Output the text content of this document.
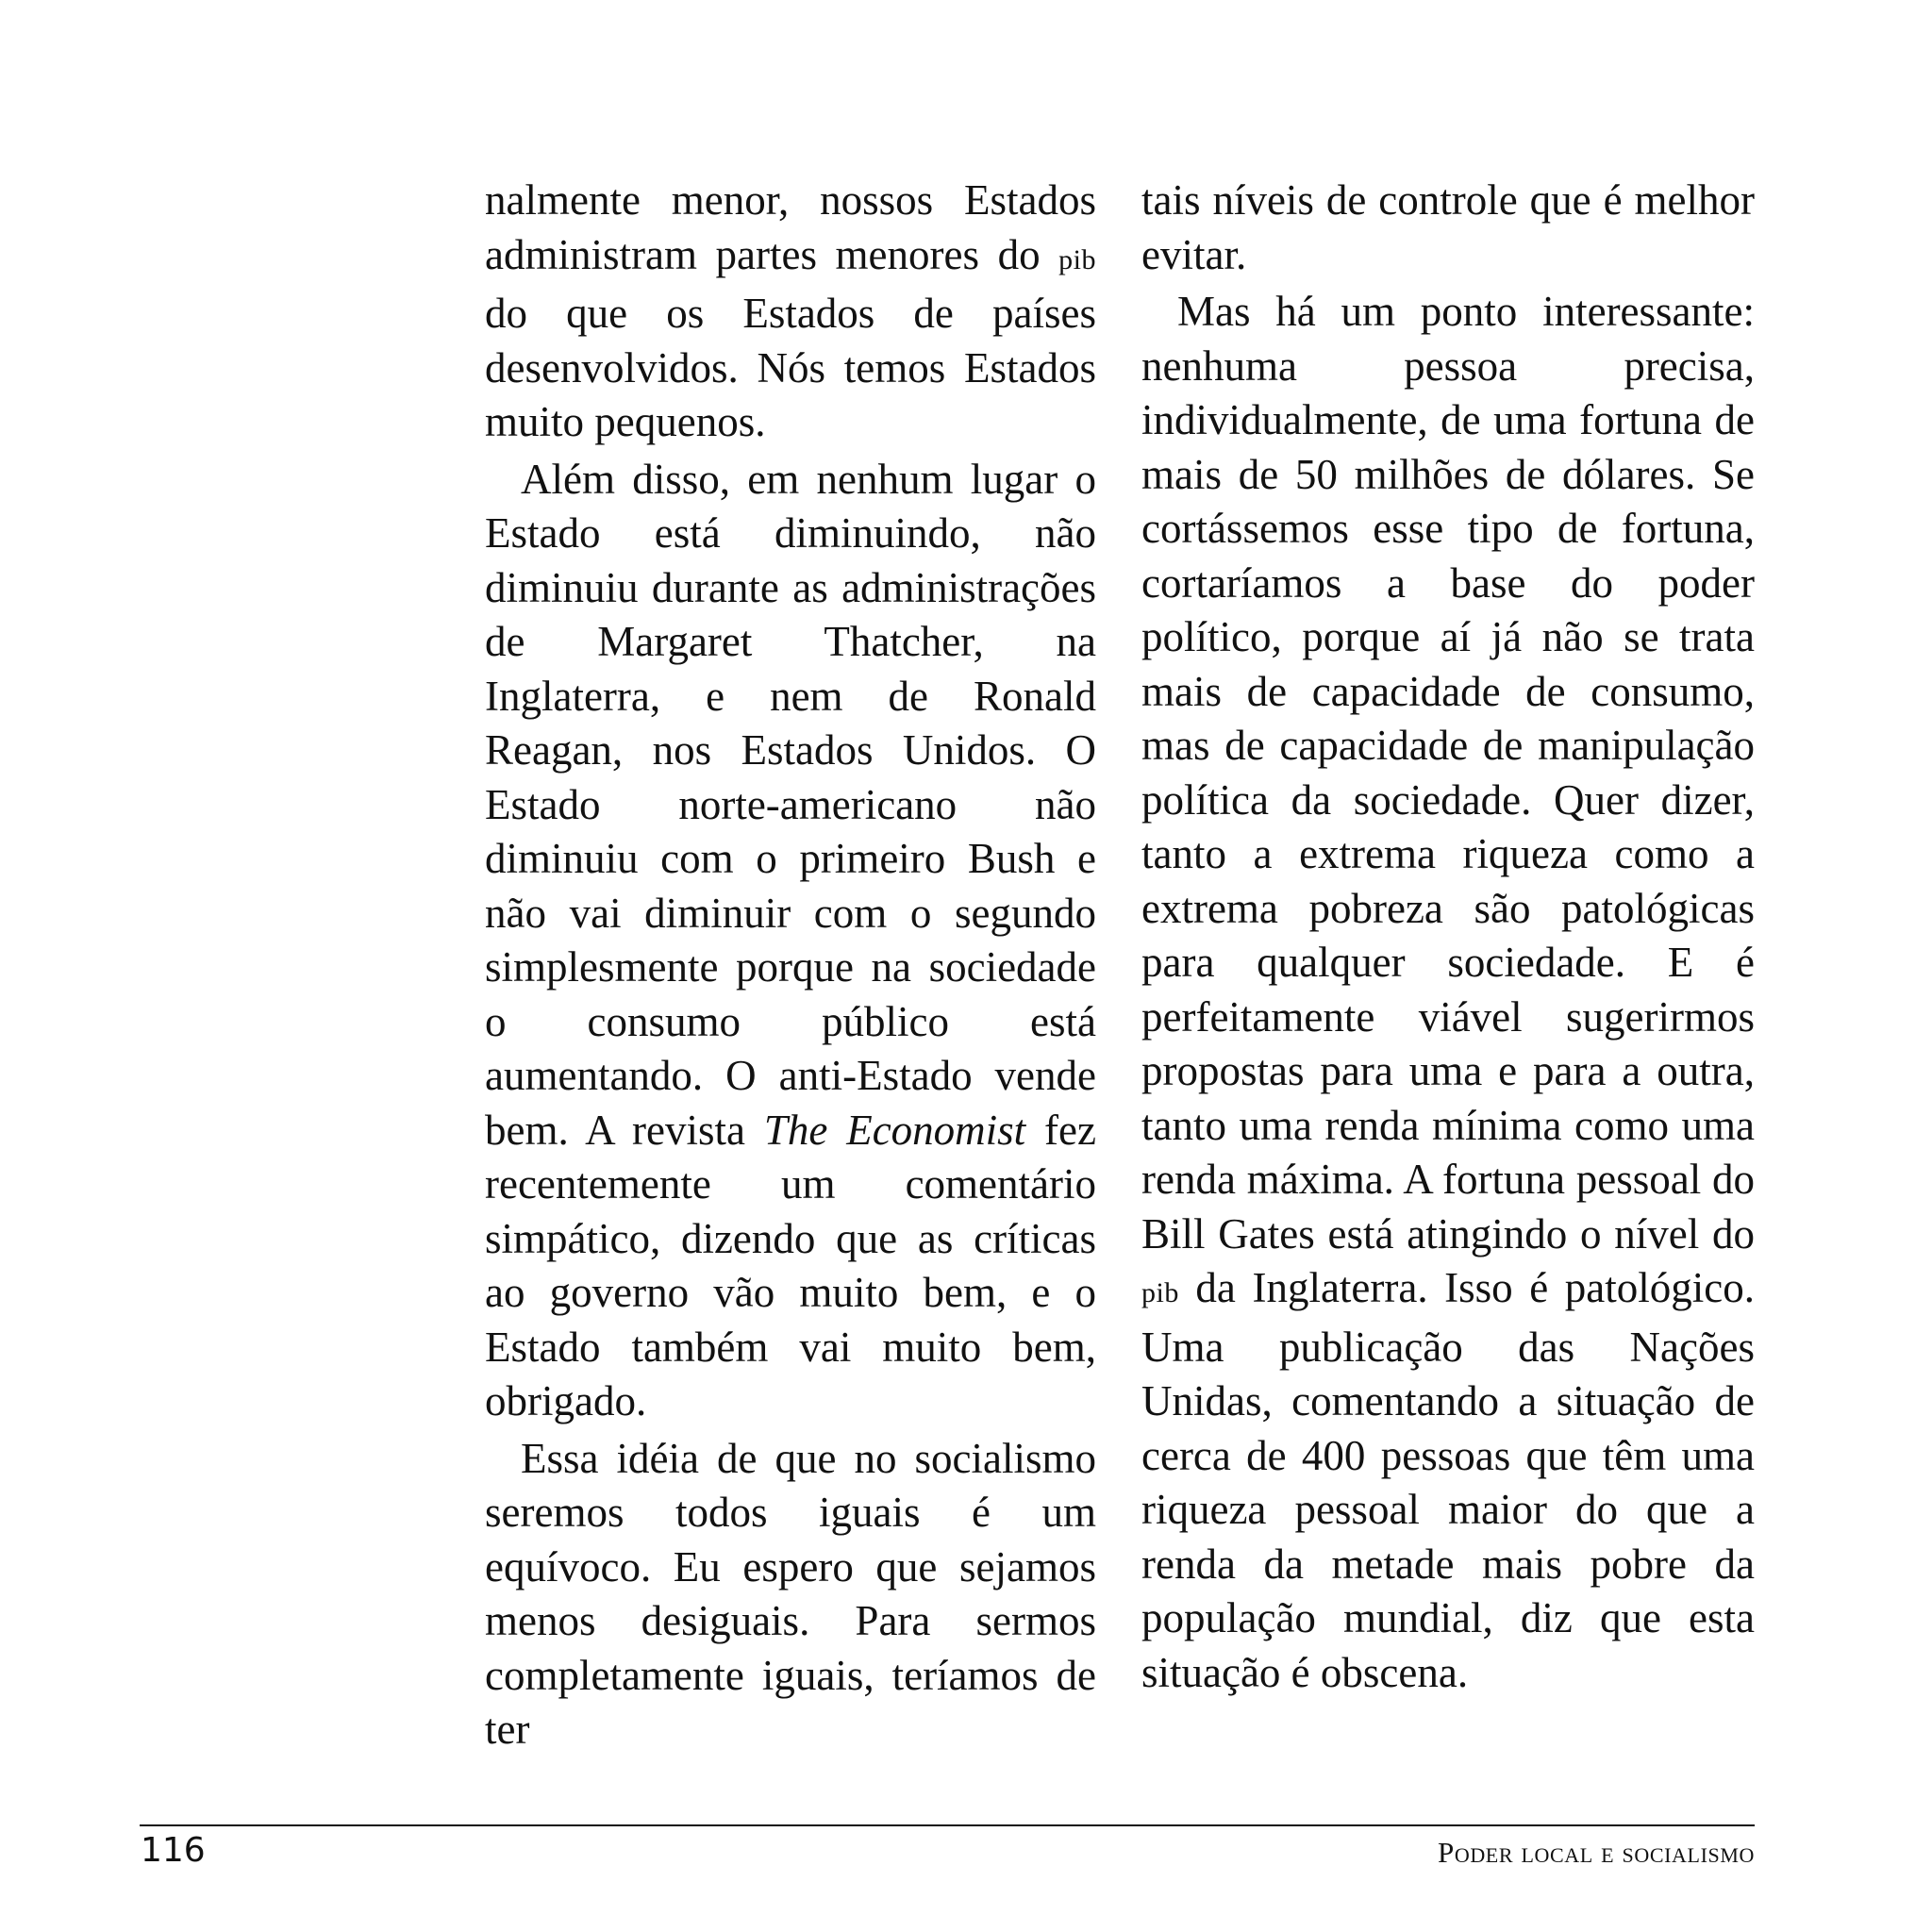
nalmente menor, nossos Estados administram partes menores do pib do que os Estados de países desenvolvidos. Nós temos Estados muito pequenos.

Além disso, em nenhum lugar o Estado está diminuindo, não diminuiu durante as administrações de Margaret Thatcher, na Inglaterra, e nem de Ronald Reagan, nos Estados Unidos. O Estado norte-americano não diminuiu com o primeiro Bush e não vai diminuir com o segundo simplesmente porque na sociedade o consumo público está aumentando. O anti-Estado vende bem. A revista The Economist fez recentemente um comentário simpático, dizendo que as críticas ao governo vão muito bem, e o Estado também vai muito bem, obrigado.

Essa idéia de que no socialismo seremos todos iguais é um equívoco. Eu espero que sejamos menos desiguais. Para sermos completamente iguais, teríamos de ter

tais níveis de controle que é melhor evitar.

Mas há um ponto interessante: nenhuma pessoa precisa, individualmente, de uma fortuna de mais de 50 milhões de dólares. Se cortássemos esse tipo de fortuna, cortaríamos a base do poder político, porque aí já não se trata mais de capacidade de consumo, mas de capacidade de manipulação política da sociedade. Quer dizer, tanto a extrema riqueza como a extrema pobreza são patológicas para qualquer sociedade. E é perfeitamente viável sugerirmos propostas para uma e para a outra, tanto uma renda mínima como uma renda máxima. A fortuna pessoal do Bill Gates está atingindo o nível do pib da Inglaterra. Isso é patológico. Uma publicação das Nações Unidas, comentando a situação de cerca de 400 pessoas que têm uma riqueza pessoal maior do que a renda da metade mais pobre da população mundial, diz que esta situação é obscena.

116	Poder local e socialismo
